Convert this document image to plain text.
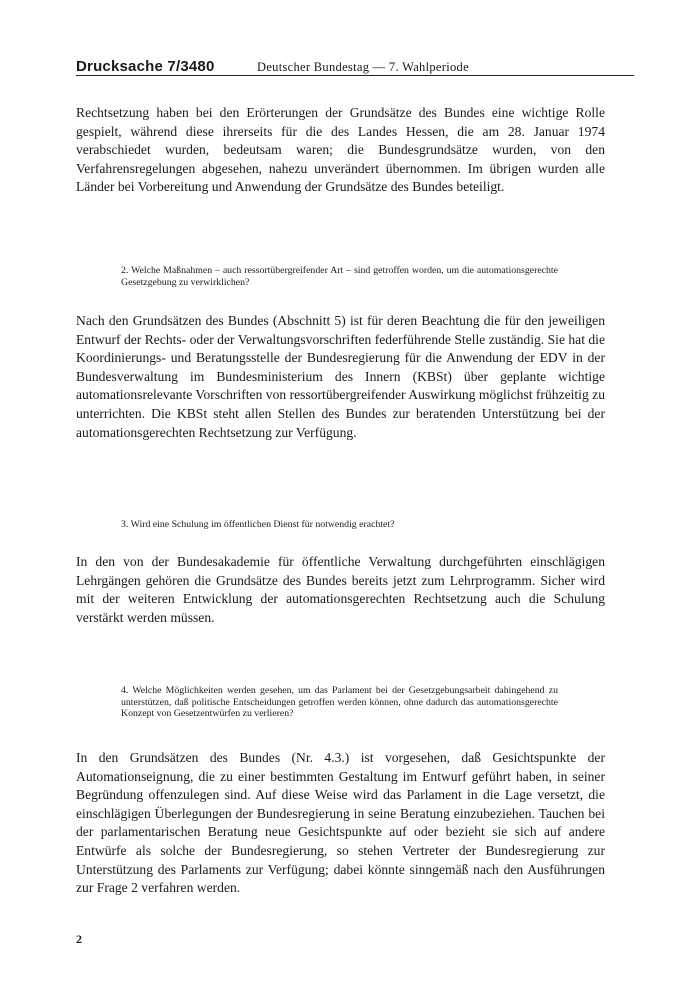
Drucksache 7/3480	Deutscher Bundestag — 7. Wahlperiode

Rechtsetzung haben bei den Erörterungen der Grundsätze des Bundes eine wichtige Rolle gespielt, während diese ihrerseits für die des Landes Hessen, die am 28. Januar 1974 verabschiedet wurden, bedeutsam waren; die Bundesgrundsätze wurden, von den Verfahrensregelungen abgesehen, nahezu unverändert übernommen. Im übrigen wurden alle Länder bei Vorbereitung und Anwendung der Grundsätze des Bundes beteiligt.

2. Welche Maßnahmen – auch ressortübergreifender Art – sind getroffen worden, um die automationsgerechte Gesetzgebung zu verwirklichen?

Nach den Grundsätzen des Bundes (Abschnitt 5) ist für deren Beachtung die für den jeweiligen Entwurf der Rechts- oder der Verwaltungsvorschriften federführende Stelle zuständig. Sie hat die Koordinierungs- und Beratungsstelle der Bundesregierung für die Anwendung der EDV in der Bundesverwaltung im Bundesministerium des Innern (KBSt) über geplante wichtige automationsrelevante Vorschriften von ressortübergreifender Auswirkung möglichst frühzeitig zu unterrichten. Die KBSt steht allen Stellen des Bundes zur beratenden Unterstützung bei der automationsgerechten Rechtsetzung zur Verfügung.

3. Wird eine Schulung im öffentlichen Dienst für notwendig erachtet?

In den von der Bundesakademie für öffentliche Verwaltung durchgeführten einschlägigen Lehrgängen gehören die Grundsätze des Bundes bereits jetzt zum Lehrprogramm. Sicher wird mit der weiteren Entwicklung der automationsgerechten Rechtsetzung auch die Schulung verstärkt werden müssen.

4. Welche Möglichkeiten werden gesehen, um das Parlament bei der Gesetzgebungsarbeit dahingehend zu unterstützen, daß politische Entscheidungen getroffen werden können, ohne dadurch das automationsgerechte Konzept von Gesetzentwürfen zu verlieren?

In den Grundsätzen des Bundes (Nr. 4.3.) ist vorgesehen, daß Gesichtspunkte der Automationseignung, die zu einer bestimmten Gestaltung im Entwurf geführt haben, in seiner Begründung offenzulegen sind. Auf diese Weise wird das Parlament in die Lage versetzt, die einschlägigen Überlegungen der Bundesregierung in seine Beratung einzubeziehen. Tauchen bei der parlamentarischen Beratung neue Gesichtspunkte auf oder bezieht sie sich auf andere Entwürfe als solche der Bundesregierung, so stehen Vertreter der Bundesregierung zur Unterstützung des Parlaments zur Verfügung; dabei könnte sinngemäß nach den Ausführungen zur Frage 2 verfahren werden.

2
